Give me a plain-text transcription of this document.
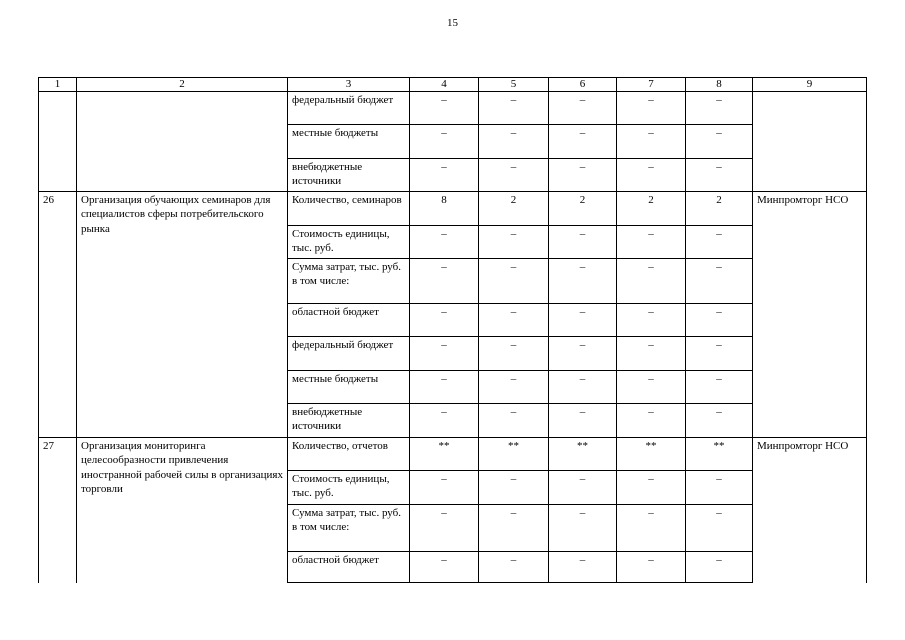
15
1	2	3	4	5	6	7	8	9
		федеральный бюджет	–	–	–	–	–	
		местные бюджеты	–	–	–	–	–	
		внебюджетные источники	–	–	–	–	–	
26	Организация обучающих семинаров для специалистов сферы потребительского рынка	Количество, семинаров	8	2	2	2	2	Минпромторг НСО
		Стоимость единицы, тыс. руб.	–	–	–	–	–	
		Сумма затрат, тыс. руб. в том числе:	–	–	–	–	–	
		областной бюджет	–	–	–	–	–	
		федеральный бюджет	–	–	–	–	–	
		местные бюджеты	–	–	–	–	–	
		внебюджетные источники	–	–	–	–	–	
27	Организация мониторинга целесообразности привлечения иностранной рабочей силы в организациях торговли	Количество, отчетов	**	**	**	**	**	Минпромторг НСО
		Стоимость единицы, тыс. руб.	–	–	–	–	–	
		Сумма затрат, тыс. руб. в том числе:	–	–	–	–	–	
		областной бюджет	–	–	–	–	–	
